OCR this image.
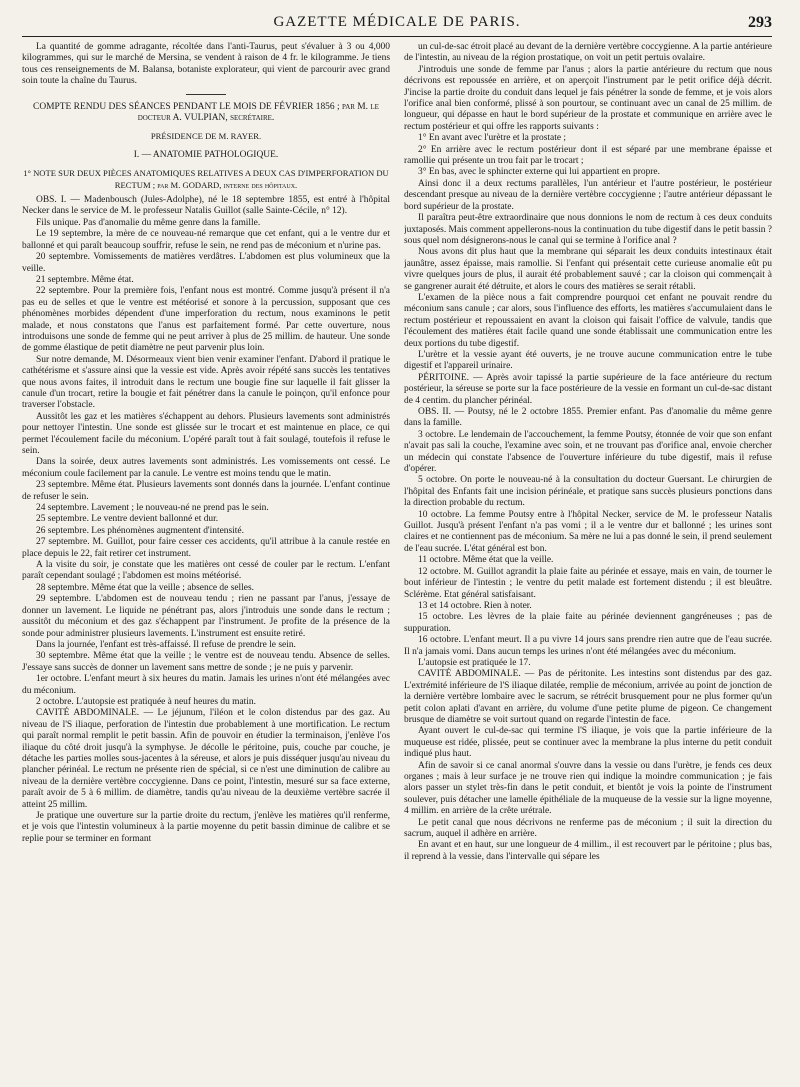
GAZETTE MÉDICALE DE PARIS.	293

La quantité de gomme adragante, récoltée dans l'anti-Taurus, peut s'évaluer à 3 ou 4,000 kilogrammes, qui sur le marché de Mersina, se vendent à raison de 4 fr. le kilogramme. Je tiens tous ces renseignements de M. Balansa, botaniste explorateur, qui vient de parcourir avec grand soin toute la chaîne du Taurus.

COMPTE RENDU DES SÉANCES PENDANT LE MOIS DE FÉVRIER 1856 ; par M. le docteur A. VULPIAN, secrétaire.

PRÉSIDENCE DE M. RAYER.

I. — ANATOMIE PATHOLOGIQUE.

1° NOTE SUR DEUX PIÈCES ANATOMIQUES RELATIVES A DEUX CAS D'IMPERFORATION DU RECTUM ; par M. GODARD, interne des hôpitaux.

OBS. I. — Madenbousch (Jules-Adolphe), né le 18 septembre 1855, est entré à l'hôpital Necker dans le service de M. le professeur Natalis Guillot (salle Sainte-Cécile, n° 12).

Fils unique. Pas d'anomalie du même genre dans la famille.

Le 19 septembre, la mère de ce nouveau-né remarque que cet enfant, qui a le ventre dur et ballonné et qui paraît beaucoup souffrir, refuse le sein, ne rend pas de méconium et n'urine pas.

20 septembre. Vomissements de matières verdâtres. L'abdomen est plus volumineux que la veille.

21 septembre. Même état.

22 septembre. Pour la première fois, l'enfant nous est montré. Comme jusqu'à présent il n'a pas eu de selles et que le ventre est météorisé et sonore à la percussion, supposant que ces phénomènes morbides dépendent d'une imperforation du rectum, nous examinons le petit malade, et nous constatons que l'anus est parfaitement formé. Par cette ouverture, nous introduisons une sonde de femme qui ne peut arriver à plus de 25 millim. de hauteur. Une sonde de gomme élastique de petit diamètre ne peut parvenir plus loin.

Sur notre demande, M. Désormeaux vient bien venir examiner l'enfant. D'abord il pratique le cathétérisme et s'assure ainsi que la vessie est vide. Après avoir répété sans succès les tentatives que nous avons faites, il introduit dans le rectum une bougie fine sur laquelle il fait glisser la canule d'un trocart, retire la bougie et fait pénétrer dans la canule le poinçon, qu'il enfonce pour traverser l'obstacle.

Aussitôt les gaz et les matières s'échappent au dehors. Plusieurs lavements sont administrés pour nettoyer l'intestin. Une sonde est glissée sur le trocart et est maintenue en place, ce qui permet l'écoulement facile du méconium. L'opéré paraît tout à fait soulagé, toutefois il refuse le sein.

Dans la soirée, deux autres lavements sont administrés. Les vomissements ont cessé. Le méconium coule facilement par la canule. Le ventre est moins tendu que le matin.

23 septembre. Même état. Plusieurs lavements sont donnés dans la journée. L'enfant continue de refuser le sein.

24 septembre. Lavement ; le nouveau-né ne prend pas le sein.

25 septembre. Le ventre devient ballonné et dur.

26 septembre. Les phénomènes augmentent d'intensité.

27 septembre. M. Guillot, pour faire cesser ces accidents, qu'il attribue à la canule restée en place depuis le 22, fait retirer cet instrument.

A la visite du soir, je constate que les matières ont cessé de couler par le rectum. L'enfant paraît cependant soulagé ; l'abdomen est moins météorisé.

28 septembre. Même état que la veille ; absence de selles.

29 septembre. L'abdomen est de nouveau tendu ; rien ne passant par l'anus, j'essaye de donner un lavement. Le liquide ne pénétrant pas, alors j'introduis une sonde dans le rectum ; aussitôt du méconium et des gaz s'échappent par l'instrument. Je profite de la présence de la sonde pour administrer plusieurs lavements. L'instrument est ensuite retiré.

Dans la journée, l'enfant est très-affaissé. Il refuse de prendre le sein.

30 septembre. Même état que la veille ; le ventre est de nouveau tendu. Absence de selles. J'essaye sans succès de donner un lavement sans mettre de sonde ; je ne puis y parvenir.

1er octobre. L'enfant meurt à six heures du matin. Jamais les urines n'ont été mélangées avec du méconium.

2 octobre. L'autopsie est pratiquée à neuf heures du matin.

CAVITÉ ABDOMINALE. — Le jéjunum, l'iléon et le colon distendus par des gaz. Au niveau de l'S iliaque, perforation de l'intestin due probablement à une mortification. Le rectum qui paraît normal remplit le petit bassin. Afin de pouvoir en étudier la terminaison, j'enlève l'os iliaque du côté droit jusqu'à la symphyse. Je décolle le péritoine, puis, couche par couche, je détache les parties molles sous-jacentes à la séreuse, et alors je puis disséquer jusqu'au niveau du plancher périnéal. Le rectum ne présente rien de spécial, si ce n'est une diminution de calibre au niveau de la dernière vertèbre coccygienne. Dans ce point, l'intestin, mesuré sur sa face externe, paraît avoir de 5 à 6 millim. de diamètre, tandis qu'au niveau de la deuxième vertèbre sacrée il atteint 25 millim.

Je pratique une ouverture sur la partie droite du rectum, j'enlève les matières qu'il renferme, et je vois que l'intestin volumineux à la partie moyenne du petit bassin diminue de calibre et se replie pour se terminer en formant

un cul-de-sac étroit placé au devant de la dernière vertèbre coccygienne. A la partie antérieure de l'intestin, au niveau de la région prostatique, on voit un petit pertuis ovalaire.

J'introduis une sonde de femme par l'anus ; alors la partie antérieure du rectum que nous décrivons est repoussée en arrière, et on aperçoit l'instrument par le petit orifice déjà décrit. J'incise la partie droite du conduit dans lequel je fais pénétrer la sonde de femme, et je vois alors l'orifice anal bien conformé, plissé à son pourtour, se continuant avec un canal de 25 millim. de longueur, qui dépasse en haut le bord supérieur de la prostate et communique en arrière avec le rectum postérieur et qui offre les rapports suivants :

1° En avant avec l'urètre et la prostate ;

2° En arrière avec le rectum postérieur dont il est séparé par une membrane épaisse et ramollie qui présente un trou fait par le trocart ;

3° En bas, avec le sphincter externe qui lui appartient en propre.

Ainsi donc il a deux rectums parallèles, l'un antérieur et l'autre postérieur, le postérieur descendant presque au niveau de la dernière vertèbre coccygienne ; l'autre antérieur dépassant le bord supérieur de la prostate.

Il paraîtra peut-être extraordinaire que nous donnions le nom de rectum à ces deux conduits juxtaposés. Mais comment appellerons-nous la continuation du tube digestif dans le petit bassin ? sous quel nom désignerons-nous le canal qui se termine à l'orifice anal ?

Nous avons dit plus haut que la membrane qui séparait les deux conduits intestinaux était jaunâtre, assez épaisse, mais ramollie. Si l'enfant qui présentait cette curieuse anomalie eût pu vivre quelques jours de plus, il aurait été probablement sauvé ; car la cloison qui commençait à se gangrener aurait été détruite, et alors le cours des matières se serait rétabli.

L'examen de la pièce nous a fait comprendre pourquoi cet enfant ne pouvait rendre du méconium sans canule ; car alors, sous l'influence des efforts, les matières s'accumulaient dans le rectum postérieur et repoussaient en avant la cloison qui faisait l'office de valvule, tandis que l'écoulement des matières était facile quand une sonde établissait une communication entre les deux portions du tube digestif.

L'urètre et la vessie ayant été ouverts, je ne trouve aucune communication entre le tube digestif et l'appareil urinaire.

PÉRITOINE. — Après avoir tapissé la partie supérieure de la face antérieure du rectum postérieur, la séreuse se porte sur la face postérieure de la vessie en formant un cul-de-sac distant de 4 centim. du plancher périnéal.

OBS. II. — Poutsy, né le 2 octobre 1855. Premier enfant. Pas d'anomalie du même genre dans la famille.

3 octobre. Le lendemain de l'accouchement, la femme Poutsy, étonnée de voir que son enfant n'avait pas sali la couche, l'examine avec soin, et ne trouvant pas d'orifice anal, envoie chercher un médecin qui constate l'absence de l'ouverture inférieure du tube digestif, mais il refuse d'opérer.

5 octobre. On porte le nouveau-né à la consultation du docteur Guersant. Le chirurgien de l'hôpital des Enfants fait une incision périnéale, et pratique sans succès plusieurs ponctions dans la direction probable du rectum.

10 octobre. La femme Poutsy entre à l'hôpital Necker, service de M. le professeur Natalis Guillot. Jusqu'à présent l'enfant n'a pas vomi ; il a le ventre dur et ballonné ; les urines sont claires et ne contiennent pas de méconium. Sa mère ne lui a pas donné le sein, il prend seulement de l'eau sucrée. L'état général est bon.

11 octobre. Même état que la veille.

12 octobre. M. Guillot agrandit la plaie faite au périnée et essaye, mais en vain, de tourner le bout inférieur de l'intestin ; le ventre du petit malade est fortement distendu ; il est bleuâtre. Sclérème. Etat général satisfaisant.

13 et 14 octobre. Rien à noter.

15 octobre. Les lèvres de la plaie faite au périnée deviennent gangréneuses ; pas de suppuration.

16 octobre. L'enfant meurt. Il a pu vivre 14 jours sans prendre rien autre que de l'eau sucrée. Il n'a jamais vomi. Dans aucun temps les urines n'ont été mélangées avec du méconium.

L'autopsie est pratiquée le 17.

CAVITÉ ABDOMINALE. — Pas de péritonite. Les intestins sont distendus par des gaz. L'extrémité inférieure de l'S iliaque dilatée, remplie de méconium, arrivée au point de jonction de la dernière vertèbre lombaire avec le sacrum, se rétrécit brusquement pour ne plus former qu'un petit colon aplati d'avant en arrière, du volume d'une petite plume de pigeon. Ce changement brusque de diamètre se voit surtout quand on regarde l'intestin de face.

Ayant ouvert le cul-de-sac qui termine l'S iliaque, je vois que la partie inférieure de la muqueuse est ridée, plissée, peut se continuer avec la membrane la plus interne du petit conduit indiqué plus haut.

Afin de savoir si ce canal anormal s'ouvre dans la vessie ou dans l'urètre, je fends ces deux organes ; mais à leur surface je ne trouve rien qui indique la moindre communication ; je fais alors passer un stylet très-fin dans le petit conduit, et bientôt je vois la pointe de l'instrument soulever, puis détacher une lamelle épithéliale de la muqueuse de la vessie sur la ligne moyenne, 4 millim. en arrière de la crête urétrale.

Le petit canal que nous décrivons ne renferme pas de méconium ; il suit la direction du sacrum, auquel il adhère en arrière.

En avant et en haut, sur une longueur de 4 millim., il est recouvert par le péritoine ; plus bas, il reprend à la vessie, dans l'intervalle qui sépare les
